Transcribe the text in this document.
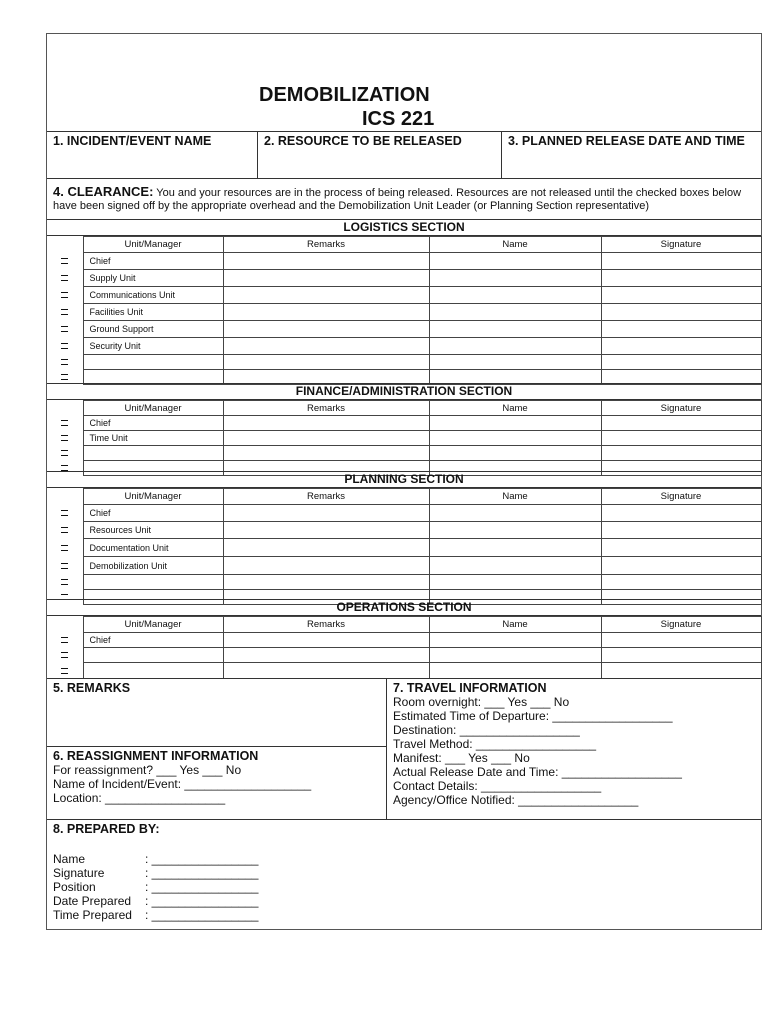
DEMOBILIZATION
ICS 221
1. INCIDENT/EVENT NAME	2. RESOURCE TO BE RELEASED	3. PLANNED RELEASE DATE AND TIME
4. CLEARANCE: You and your resources are in the process of being released. Resources are not released until the checked boxes below have been signed off by the appropriate overhead and the Demobilization Unit Leader (or Planning Section representative)
LOGISTICS SECTION
	Unit/Manager	Remarks	Name	Signature
	Chief			
	Supply Unit			
	Communications Unit			
	Facilities Unit			
	Ground Support			
	Security Unit			

FINANCE/ADMINISTRATION SECTION
	Unit/Manager	Remarks	Name	Signature
	Chief			
	Time Unit			

PLANNING SECTION
	Unit/Manager	Remarks	Name	Signature
	Chief			
	Resources Unit			
	Documentation Unit			
	Demobilization Unit			

OPERATIONS SECTION
	Unit/Manager	Remarks	Name	Signature
	Chief			

5. REMARKS
6. REASSIGNMENT INFORMATION
For reassignment? ___ Yes ___ No
Name of Incident/Event: ___________________
Location: __________________
7. TRAVEL INFORMATION
Room overnight: ___ Yes ___ No
Estimated Time of Departure: __________________
Destination: __________________
Travel Method: __________________
Manifest: ___ Yes ___ No
Actual Release Date and Time: __________________
Contact Details: __________________
Agency/Office Notified: __________________
8. PREPARED BY:
Name	: ________________
Signature	: ________________
Position	: ________________
Date Prepared	: ________________
Time Prepared	: ________________
